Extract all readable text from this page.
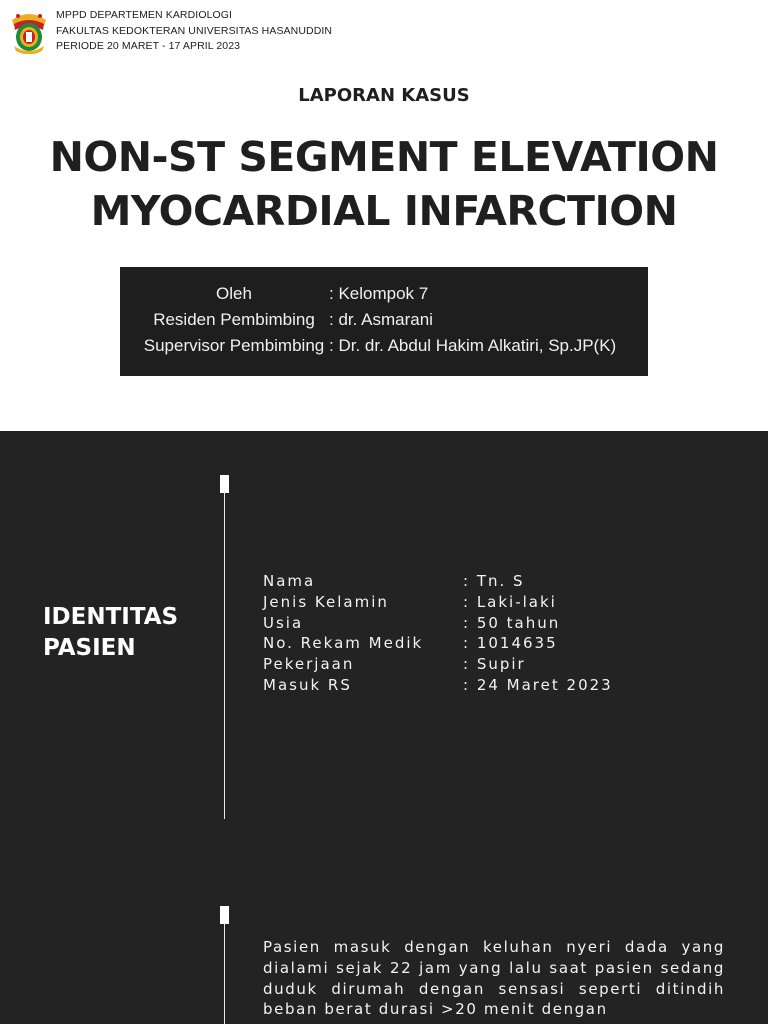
MPPD DEPARTEMEN KARDIOLOGI
FAKULTAS KEDOKTERAN UNIVERSITAS HASANUDDIN
PERIODE 20 MARET - 17 APRIL 2023
LAPORAN KASUS
NON-ST SEGMENT ELEVATION
MYOCARDIAL INFARCTION
Oleh	: Kelompok 7
Residen Pembimbing : dr. Asmarani
Supervisor Pembimbing : Dr. dr. Abdul Hakim Alkatiri, Sp.JP(K)
IDENTITAS
PASIEN
Nama	: Tn. S
Jenis Kelamin	: Laki-laki
Usia	: 50 tahun
No. Rekam Medik	: 1014635
Pekerjaan	: Supir
Masuk RS	: 24 Maret 2023
Pasien masuk dengan keluhan nyeri dada yang dialami sejak 22 jam yang lalu saat pasien sedang duduk dirumah dengan sensasi seperti ditindih beban berat durasi >20 menit dengan
